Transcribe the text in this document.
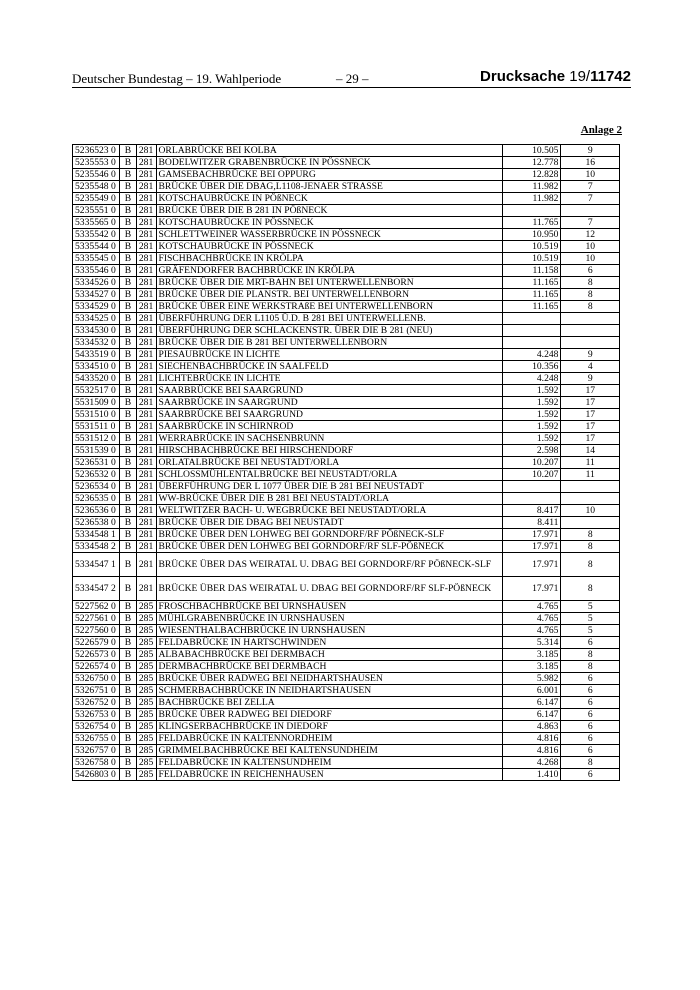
Deutscher Bundestag – 19. Wahlperiode	– 29 –	Drucksache 19/11742
Anlage 2
5236523 0	B	281	ORLABRÜCKE BEI KOLBA	10.505	9
5235553 0	B	281	BODELWITZER GRABENBRÜCKE IN PÖSSNECK	12.778	16
5235546 0	B	281	GAMSEBACHBRÜCKE BEI OPPURG	12.828	10
5235548 0	B	281	BRÜCKE ÜBER DIE DBAG,L1108-JENAER STRASSE	11.982	7
5235549 0	B	281	KOTSCHAUBRÜCKE IN PÖßNECK	11.982	7
5235551 0	B	281	BRÜCKE ÜBER DIE B 281 IN PÖßNECK		
5335565 0	B	281	KOTSCHAUBRÜCKE IN PÖSSNECK	11.765	7
5335542 0	B	281	SCHLETTWEINER WASSERBRÜCKE IN PÖSSNECK	10.950	12
5335544 0	B	281	KOTSCHAUBRÜCKE IN PÖSSNECK	10.519	10
5335545 0	B	281	FISCHBACHBRÜCKE IN KRÖLPA	10.519	10
5335546 0	B	281	GRÄFENDORFER BACHBRÜCKE IN KRÖLPA	11.158	6
5334526 0	B	281	BRÜCKE ÜBER DIE MRT-BAHN BEI UNTERWELLENBORN	11.165	8
5334527 0	B	281	BRÜCKE ÜBER DIE PLANSTR. BEI UNTERWELLENBORN	11.165	8
5334529 0	B	281	BRÜCKE ÜBER EINE WERKSTRAßE BEI UNTERWELLENBORN	11.165	8
5334525 0	B	281	ÜBERFÜHRUNG DER L1105 Ü.D. B 281 BEI UNTERWELLENB.		
5334530 0	B	281	ÜBERFÜHRUNG DER SCHLACKENSTR. ÜBER DIE B 281 (NEU)		
5334532 0	B	281	BRÜCKE ÜBER DIE B 281 BEI UNTERWELLENBORN		
5433519 0	B	281	PIESAUBRÜCKE IN LICHTE	4.248	9
5334510 0	B	281	SIECHENBACHBRÜCKE IN SAALFELD	10.356	4
5433520 0	B	281	LICHTEBRÜCKE IN LICHTE	4.248	9
5532517 0	B	281	SAARBRÜCKE BEI SAARGRUND	1.592	17
5531509 0	B	281	SAARBRÜCKE IN SAARGRUND	1.592	17
5531510 0	B	281	SAARBRÜCKE BEI SAARGRUND	1.592	17
5531511 0	B	281	SAARBRÜCKE IN SCHIRNROD	1.592	17
5531512 0	B	281	WERRABRÜCKE IN SACHSENBRUNN	1.592	17
5531539 0	B	281	HIRSCHBACHBRÜCKE BEI HIRSCHENDORF	2.598	14
5236531 0	B	281	ORLATALBRÜCKE BEI NEUSTADT/ORLA	10.207	11
5236532 0	B	281	SCHLOSSMÜHLENTALBRÜCKE BEI NEUSTADT/ORLA	10.207	11
5236534 0	B	281	ÜBERFÜHRUNG DER L 1077 ÜBER DIE B 281 BEI NEUSTADT		
5236535 0	B	281	WW-BRÜCKE ÜBER DIE B 281 BEI NEUSTADT/ORLA		
5236536 0	B	281	WELTWITZER BACH- U. WEGBRÜCKE BEI NEUSTADT/ORLA	8.417	10
5236538 0	B	281	BRÜCKE ÜBER DIE DBAG BEI NEUSTADT	8.411	
5334548 1	B	281	BRÜCKE ÜBER DEN LOHWEG BEI GORNDORF/RF PÖßNECK-SLF	17.971	8
5334548 2	B	281	BRÜCKE ÜBER DEN LOHWEG BEI GORNDORF/RF SLF-PÖßNECK	17.971	8
5334547 1	B	281	BRÜCKE ÜBER DAS WEIRATAL U. DBAG BEI GORNDORF/RF PÖßNECK-SLF	17.971	8
5334547 2	B	281	BRÜCKE ÜBER DAS WEIRATAL U. DBAG BEI GORNDORF/RF SLF-PÖßNECK	17.971	8
5227562 0	B	285	FROSCHBACHBRÜCKE BEI URNSHAUSEN	4.765	5
5227561 0	B	285	MÜHLGRABENBRÜCKE IN URNSHAUSEN	4.765	5
5227560 0	B	285	WIESENTHALBACHBRÜCKE IN URNSHAUSEN	4.765	5
5226579 0	B	285	FELDABRÜCKE IN HARTSCHWINDEN	5.314	6
5226573 0	B	285	ALBABACHBRÜCKE BEI DERMBACH	3.185	8
5226574 0	B	285	DERMBACHBRÜCKE BEI DERMBACH	3.185	8
5326750 0	B	285	BRÜCKE ÜBER RADWEG BEI NEIDHARTSHAUSEN	5.982	6
5326751 0	B	285	SCHMERBACHBRÜCKE IN NEIDHARTSHAUSEN	6.001	6
5326752 0	B	285	BACHBRÜCKE BEI ZELLA	6.147	6
5326753 0	B	285	BRÜCKE ÜBER RADWEG BEI DIEDORF	6.147	6
5326754 0	B	285	KLINGSERBACHBRÜCKE IN DIEDORF	4.863	6
5326755 0	B	285	FELDABRÜCKE IN KALTENNORDHEIM	4.816	6
5326757 0	B	285	GRIMMELBACHBRÜCKE BEI KALTENSUNDHEIM	4.816	6
5326758 0	B	285	FELDABRÜCKE IN KALTENSUNDHEIM	4.268	8
5426803 0	B	285	FELDABRÜCKE IN REICHENHAUSEN	1.410	6
